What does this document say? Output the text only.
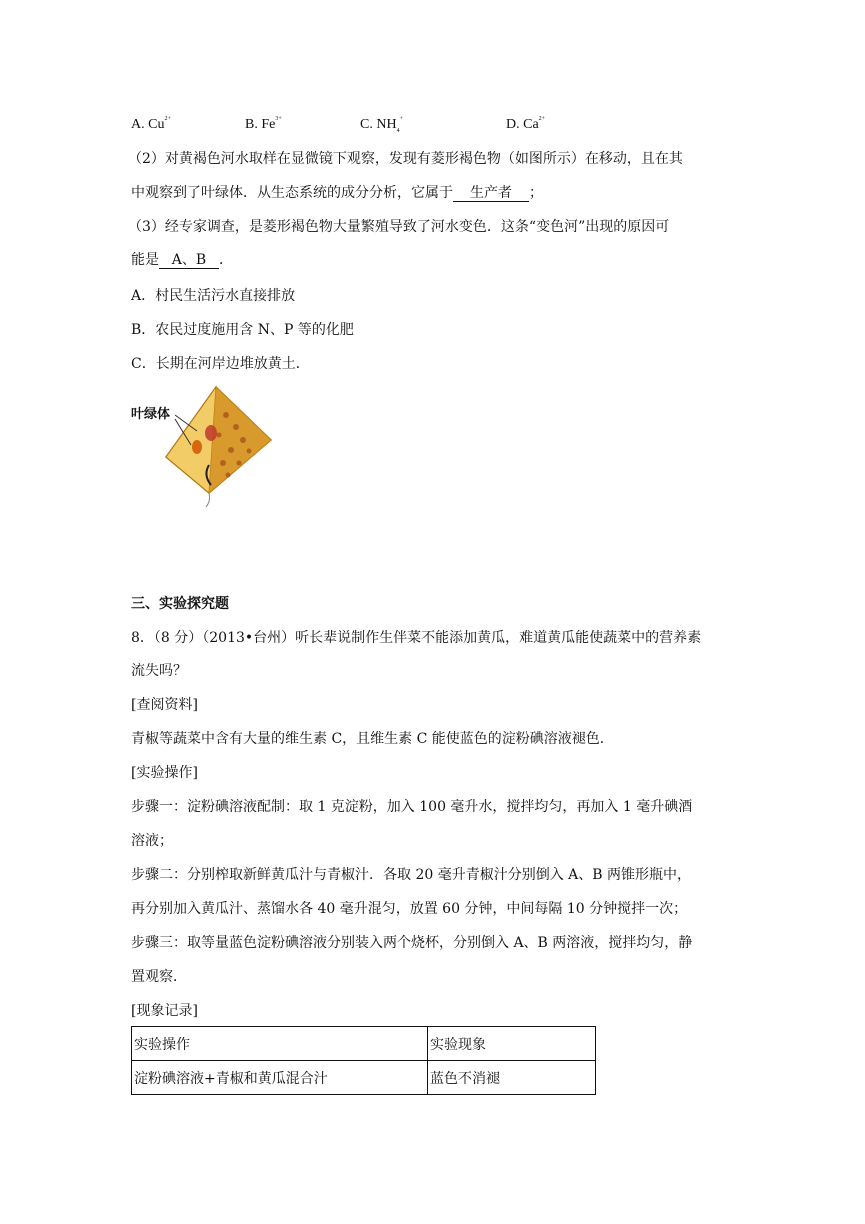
A. $Cu^{2+}$	B. $Fe^{3+}$	C. $NH_4^+$	D. $Ca^{2+}$
（2）对黄褐色河水取样在显微镜下观察，发现有菱形褐色物（如图所示）在移动，且在其
中观察到了叶绿体．从生态系统的成分分析，它属于 生产者 ；
（3）经专家调查，是菱形褐色物大量繁殖导致了河水变色．这条“变色河”出现的原因可
能是 A、B ．
A．村民生活污水直接排放
B．农民过度施用含 N、P 等的化肥
C．长期在河岸边堆放黄土．
叶绿体
三、实验探究题
8．（8 分）（2013•台州）听长辈说制作生伴菜不能添加黄瓜，难道黄瓜能使蔬菜中的营养素
流失吗？
[查阅资料]
青椒等蔬菜中含有大量的维生素 C，且维生素 C 能使蓝色的淀粉碘溶液褪色．
[实验操作]
步骤一：淀粉碘溶液配制：取 1 克淀粉，加入 100 毫升水，搅拌均匀，再加入 1 毫升碘酒
溶液；
步骤二：分别榨取新鲜黄瓜汁与青椒汁．各取 20 毫升青椒汁分别倒入 A、B 两锥形瓶中，
再分别加入黄瓜汁、蒸馏水各 40 毫升混匀，放置 60 分钟，中间每隔 10 分钟搅拌一次；
步骤三：取等量蓝色淀粉碘溶液分别装入两个烧杯，分别倒入 A、B 两溶液，搅拌均匀，静
置观察．
[现象记录]
实验操作	实验现象
淀粉碘溶液+青椒和黄瓜混合汁	蓝色不消褪
